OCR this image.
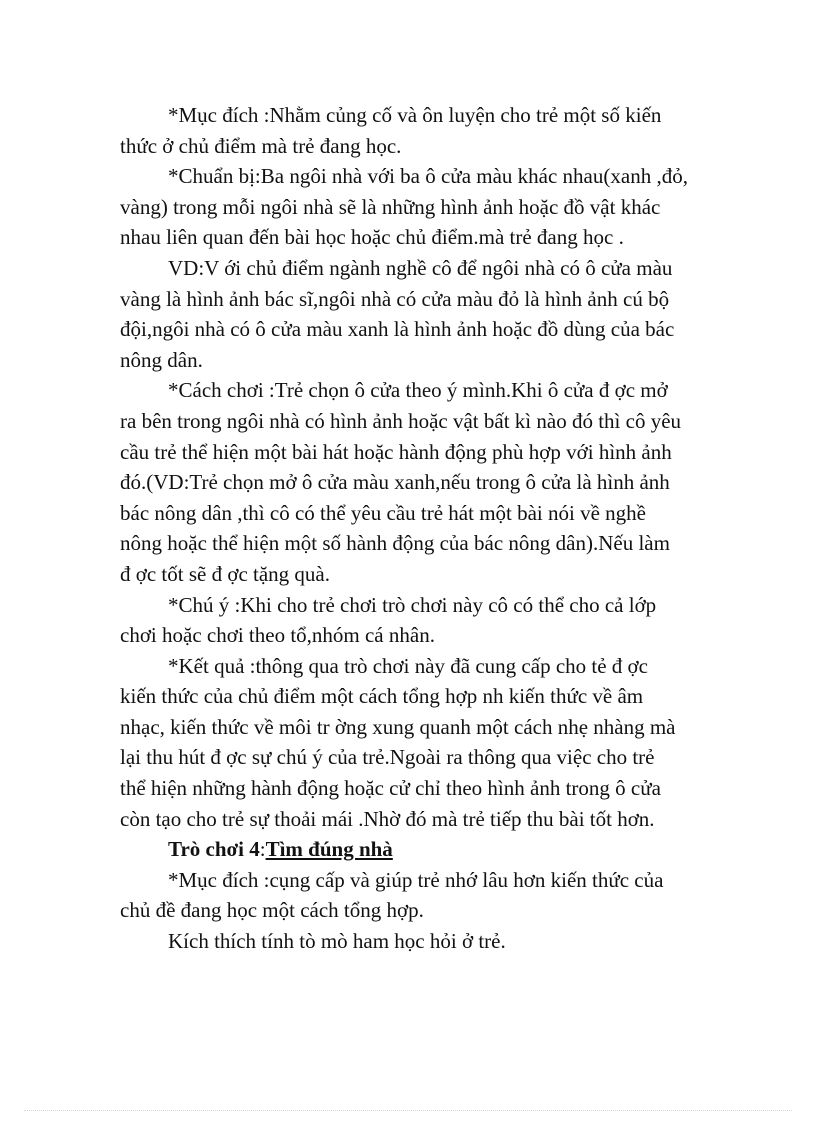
*Mục đích :Nhằm củng cố và ôn luyện cho trẻ một số kiến

thức ở chủ điểm mà trẻ đang học.

*Chuẩn bị:Ba ngôi nhà với ba ô cửa màu khác nhau(xanh ,đỏ,

vàng) trong mỗi ngôi nhà sẽ là những hình ảnh hoặc đồ vật khác

nhau liên quan đến bài học hoặc chủ điểm.mà trẻ đang học .

VD:V ới chủ điểm ngành nghề cô để ngôi nhà có ô cửa màu

vàng là hình ảnh bác sĩ,ngôi nhà có cửa màu đỏ là hình ảnh cú bộ

đội,ngôi nhà có ô cửa màu xanh là hình ảnh hoặc đồ dùng của bác

nông dân.

*Cách chơi :Trẻ chọn ô cửa theo ý mình.Khi ô cửa đ ợc mở

ra bên trong ngôi nhà có hình ảnh hoặc vật bất kì nào đó thì cô yêu

cầu trẻ thể hiện một bài hát hoặc hành động phù hợp với hình ảnh

đó.(VD:Trẻ chọn mở ô cửa màu xanh,nếu trong ô cửa là hình ảnh

bác nông dân ,thì cô có thể yêu cầu trẻ hát một bài nói về nghề

nông hoặc thể hiện một số hành động của bác nông dân).Nếu làm

đ ợc tốt sẽ đ ợc tặng quà.

*Chú ý :Khi cho trẻ chơi trò chơi này cô có thể cho cả lớp

chơi hoặc chơi theo tổ,nhóm cá nhân.

*Kết quả :thông qua trò chơi này đã cung cấp cho tẻ đ ợc

kiến thức của chủ điểm một cách tổng hợp nh kiến thức về âm

nhạc, kiến thức về môi tr ờng xung quanh một cách nhẹ nhàng mà

lại thu hút đ ợc sự chú ý của trẻ.Ngoài ra thông qua việc cho trẻ

thể hiện những hành động hoặc cử chỉ theo hình ảnh trong ô cửa

còn tạo cho trẻ sự thoải mái .Nhờ đó mà trẻ tiếp thu bài tốt hơn.

Trò chơi 4:Tìm đúng nhà

*Mục đích :cụng cấp và giúp trẻ nhớ lâu hơn kiến thức của

chủ đề đang học một cách tổng hợp.

Kích thích tính tò mò ham học hỏi ở trẻ.
